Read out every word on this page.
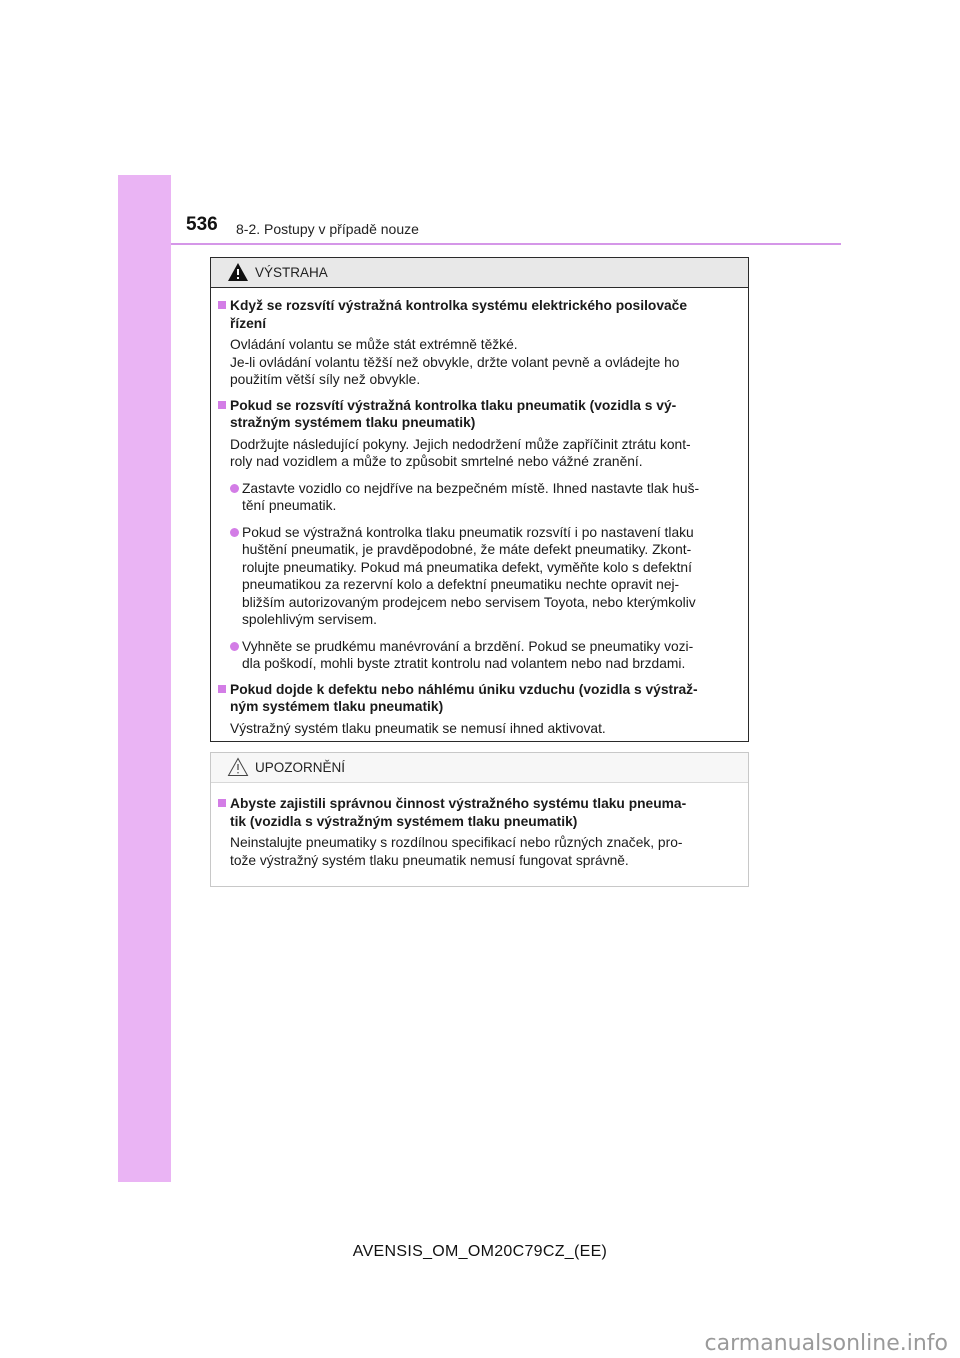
536 8-2. Postupy v případě nouze
VÝSTRAHA
Když se rozsvítí výstražná kontrolka systému elektrického posilovače
řízení
Ovládání volantu se může stát extrémně těžké.
Je-li ovládání volantu těžší než obvykle, držte volant pevně a ovládejte ho
použitím větší síly než obvykle.
Pokud se rozsvítí výstražná kontrolka tlaku pneumatik (vozidla s vý-
stražným systémem tlaku pneumatik)
Dodržujte následující pokyny. Jejich nedodržení může zapříčinit ztrátu kont-
roly nad vozidlem a může to způsobit smrtelné nebo vážné zranění.
Zastavte vozidlo co nejdříve na bezpečném místě. Ihned nastavte tlak huš-
tění pneumatik.
Pokud se výstražná kontrolka tlaku pneumatik rozsvítí i po nastavení tlaku
huštění pneumatik, je pravděpodobné, že máte defekt pneumatiky. Zkont-
rolujte pneumatiky. Pokud má pneumatika defekt, vyměňte kolo s defektní
pneumatikou za rezervní kolo a defektní pneumatiku nechte opravit nej-
bližším autorizovaným prodejcem nebo servisem Toyota, nebo kterýmkoliv
spolehlivým servisem.
Vyhněte se prudkému manévrování a brzdění. Pokud se pneumatiky vozi-
dla poškodí, mohli byste ztratit kontrolu nad volantem nebo nad brzdami.
Pokud dojde k defektu nebo náhlému úniku vzduchu (vozidla s výstraž-
ným systémem tlaku pneumatik)
Výstražný systém tlaku pneumatik se nemusí ihned aktivovat.
UPOZORNĚNÍ
Abyste zajistili správnou činnost výstražného systému tlaku pneuma-
tik (vozidla s výstražným systémem tlaku pneumatik)
Neinstalujte pneumatiky s rozdílnou specifikací nebo různých značek, pro-
tože výstražný systém tlaku pneumatik nemusí fungovat správně.
AVENSIS_OM_OM20C79CZ_(EE)
carmanualsonline.info
